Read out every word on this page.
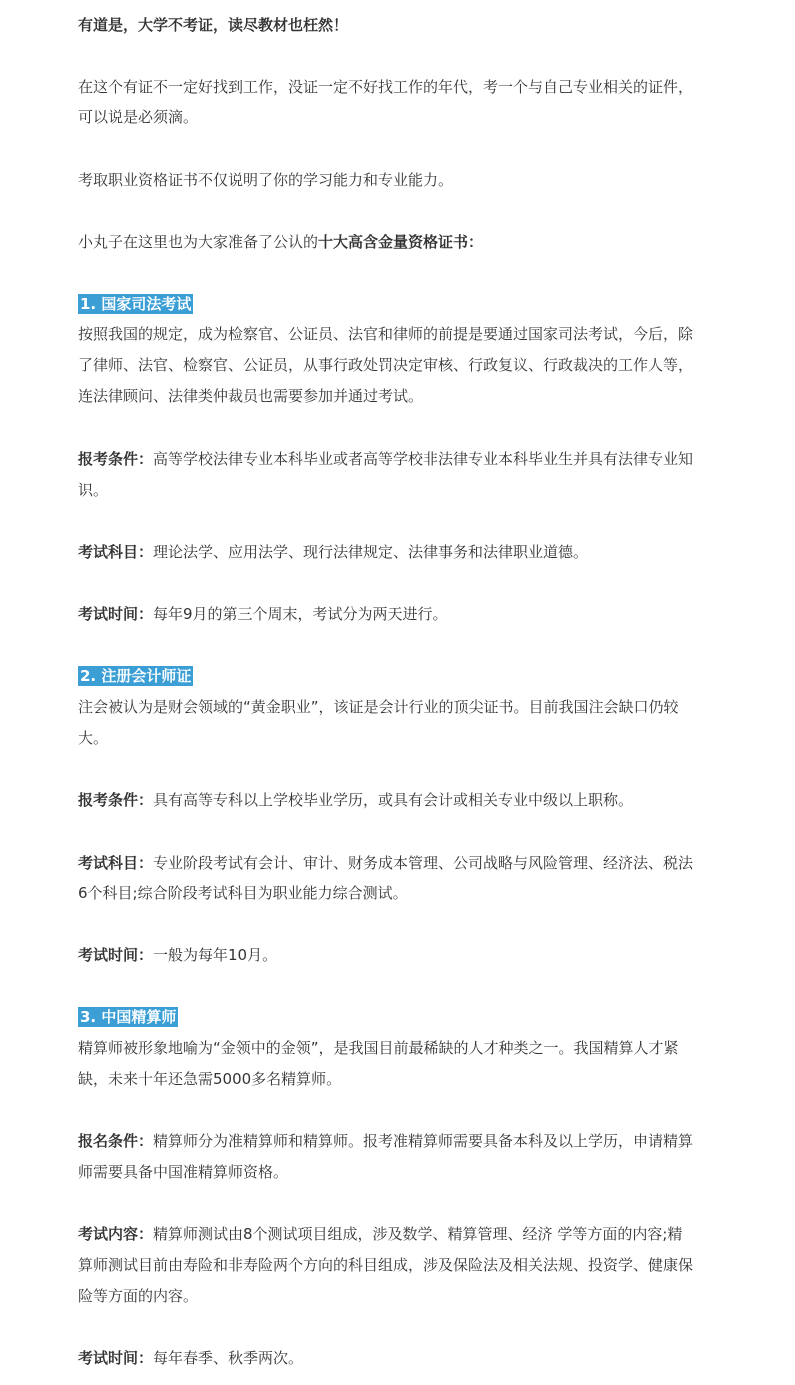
有道是，大学不考证，读尽教材也枉然！
在这个有证不一定好找到工作，没证一定不好找工作的年代，考一个与自己专业相关的证件，
可以说是必须滴。
考取职业资格证书不仅说明了你的学习能力和专业能力。
小丸子在这里也为大家准备了公认的十大高含金量资格证书：
1. 国家司法考试
按照我国的规定，成为检察官、公证员、法官和律师的前提是要通过国家司法考试，今后，除
了律师、法官、检察官、公证员，从事行政处罚决定审核、行政复议、行政裁决的工作人等，
连法律顾问、法律类仲裁员也需要参加并通过考试。
报考条件：高等学校法律专业本科毕业或者高等学校非法律专业本科毕业生并具有法律专业知
识。
考试科目：理论法学、应用法学、现行法律规定、法律事务和法律职业道德。
考试时间：每年9月的第三个周末，考试分为两天进行。
2. 注册会计师证
注会被认为是财会领域的“黄金职业”，该证是会计行业的顶尖证书。目前我国注会缺口仍较
大。
报考条件：具有高等专科以上学校毕业学历，或具有会计或相关专业中级以上职称。
考试科目：专业阶段考试有会计、审计、财务成本管理、公司战略与风险管理、经济法、税法
6个科目;综合阶段考试科目为职业能力综合测试。
考试时间：一般为每年10月。
3. 中国精算师
精算师被形象地喻为“金领中的金领”，是我国目前最稀缺的人才种类之一。我国精算人才紧
缺，未来十年还急需5000多名精算师。
报名条件：精算师分为准精算师和精算师。报考准精算师需要具备本科及以上学历，申请精算
师需要具备中国准精算师资格。
考试内容：精算师测试由8个测试项目组成，涉及数学、精算管理、经济 学等方面的内容;精
算师测试目前由寿险和非寿险两个方向的科目组成，涉及保险法及相关法规、投资学、健康保
险等方面的内容。
考试时间：每年春季、秋季两次。
